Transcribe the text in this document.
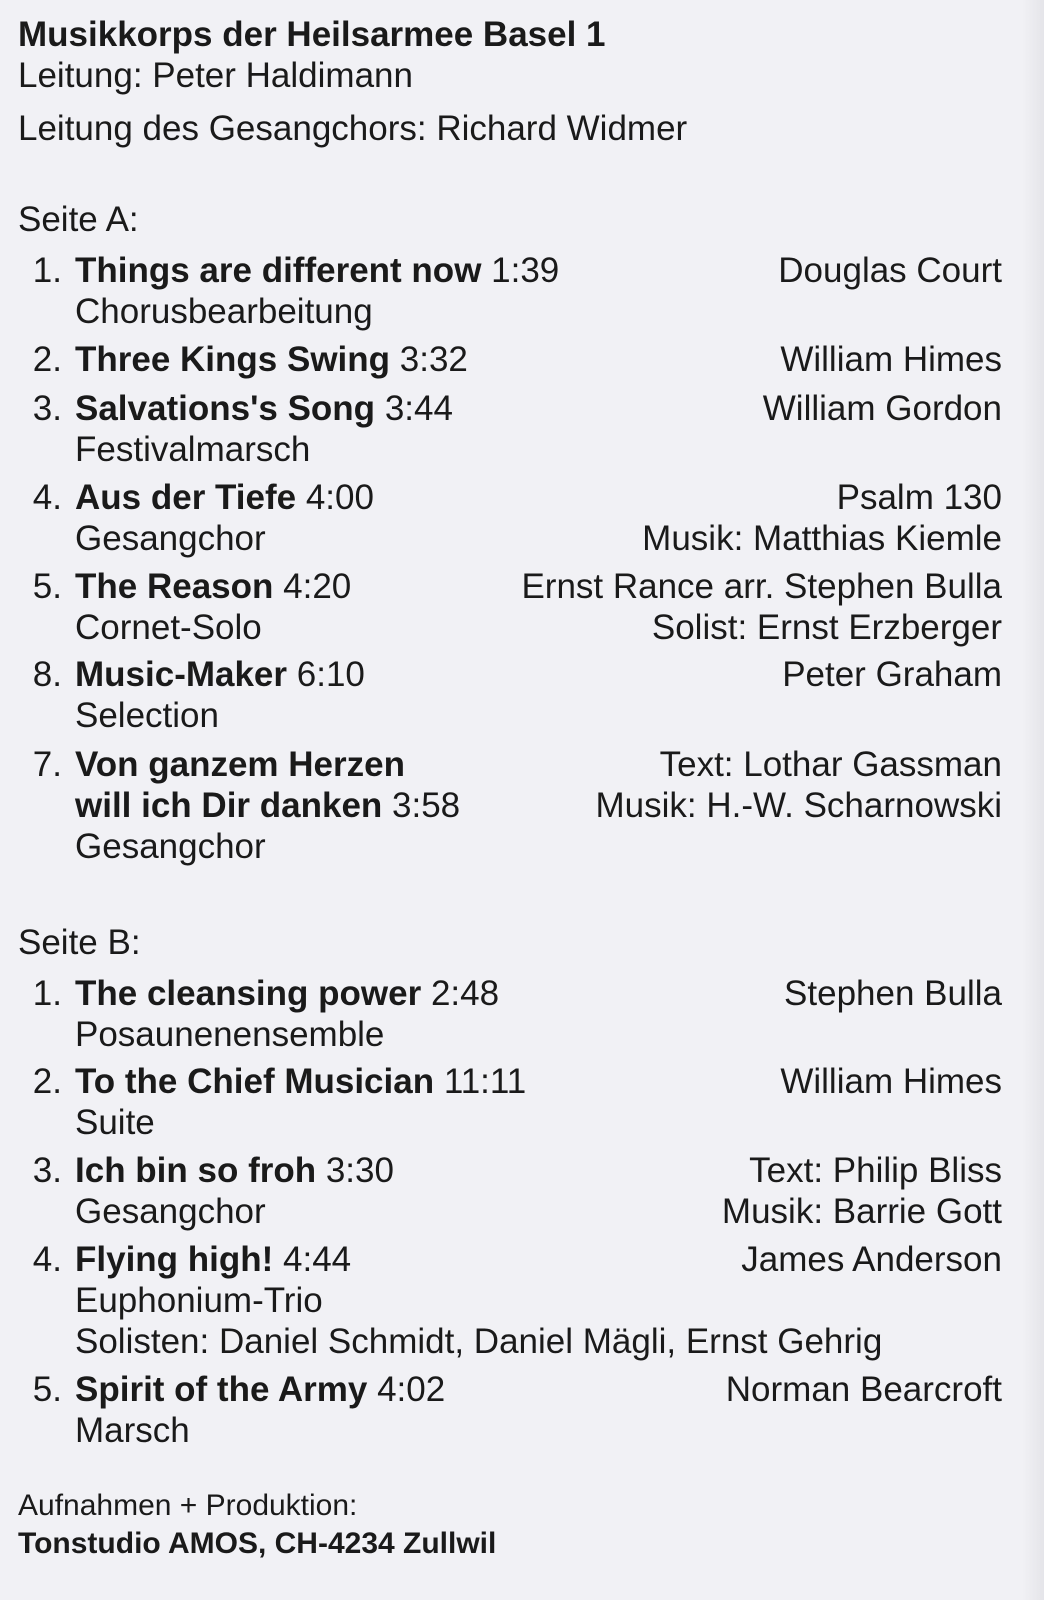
Musikkorps der Heilsarmee Basel 1
Leitung: Peter Haldimann
Leitung des Gesangchors: Richard Widmer
Seite A:
1. Things are different now 1:39
Chorusbearbeitung
Douglas Court
2. Three Kings Swing 3:32	William Himes
3. Salvations's Song 3:44
Festivalmarsch
William Gordon
4. Aus der Tiefe 4:00
Gesangchor
Psalm 130
Musik: Matthias Kiemle
5. The Reason 4:20
Cornet-Solo
Ernst Rance arr. Stephen Bulla
Solist: Ernst Erzberger
8. Music-Maker 6:10
Selection
Peter Graham
7. Von ganzem Herzen
will ich Dir danken 3:58
Gesangchor
Text: Lothar Gassman
Musik: H.-W. Scharnowski
Seite B:
1. The cleansing power 2:48
Posaunenensemble
Stephen Bulla
2. To the Chief Musician 11:11
Suite
William Himes
3. Ich bin so froh 3:30
Gesangchor
Text: Philip Bliss
Musik: Barrie Gott
4. Flying high! 4:44
Euphonium-Trio
Solisten: Daniel Schmidt, Daniel Mägli, Ernst Gehrig
James Anderson
5. Spirit of the Army 4:02
Marsch
Norman Bearcroft
Aufnahmen + Produktion:
Tonstudio AMOS, CH-4234 Zullwil
